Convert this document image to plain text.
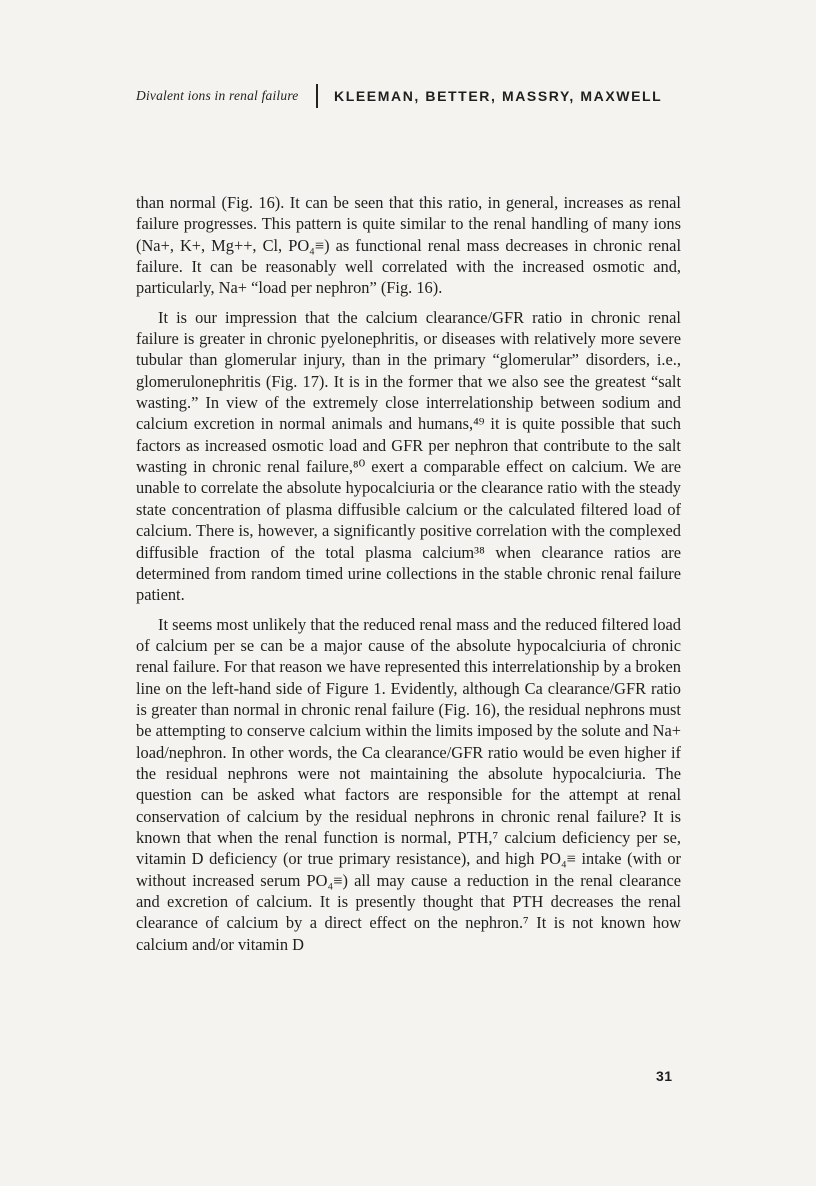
Divalent ions in renal failure	KLEEMAN, BETTER, MASSRY, MAXWELL

than normal (Fig. 16). It can be seen that this ratio, in general, increases as renal failure progresses. This pattern is quite similar to the renal handling of many ions (Na+, K+, Mg++, Cl, PO₄≡) as functional renal mass decreases in chronic renal failure. It can be reasonably well correlated with the increased osmotic and, particularly, Na+ “load per nephron” (Fig. 16).

It is our impression that the calcium clearance/GFR ratio in chronic renal failure is greater in chronic pyelonephritis, or diseases with relatively more severe tubular than glomerular injury, than in the primary “glomerular” disorders, i.e., glomerulonephritis (Fig. 17). It is in the former that we also see the greatest “salt wasting.” In view of the extremely close interrelationship between sodium and calcium excretion in normal animals and humans,⁴⁹ it is quite possible that such factors as increased osmotic load and GFR per nephron that contribute to the salt wasting in chronic renal failure,⁸⁰ exert a comparable effect on calcium. We are unable to correlate the absolute hypocalciuria or the clearance ratio with the steady state concentration of plasma diffusible calcium or the calculated filtered load of calcium. There is, however, a significantly positive correlation with the complexed diffusible fraction of the total plasma calcium³⁸ when clearance ratios are determined from random timed urine collections in the stable chronic renal failure patient.

It seems most unlikely that the reduced renal mass and the reduced filtered load of calcium per se can be a major cause of the absolute hypocalciuria of chronic renal failure. For that reason we have represented this interrelationship by a broken line on the left-hand side of Figure 1. Evidently, although Ca clearance/GFR ratio is greater than normal in chronic renal failure (Fig. 16), the residual nephrons must be attempting to conserve calcium within the limits imposed by the solute and Na+ load/nephron. In other words, the Ca clearance/GFR ratio would be even higher if the residual nephrons were not maintaining the absolute hypocalciuria. The question can be asked what factors are responsible for the attempt at renal conservation of calcium by the residual nephrons in chronic renal failure? It is known that when the renal function is normal, PTH,⁷ calcium deficiency per se, vitamin D deficiency (or true primary resistance), and high PO₄≡ intake (with or without increased serum PO₄≡) all may cause a reduction in the renal clearance and excretion of calcium. It is presently thought that PTH decreases the renal clearance of calcium by a direct effect on the nephron.⁷ It is not known how calcium and/or vitamin D

31
